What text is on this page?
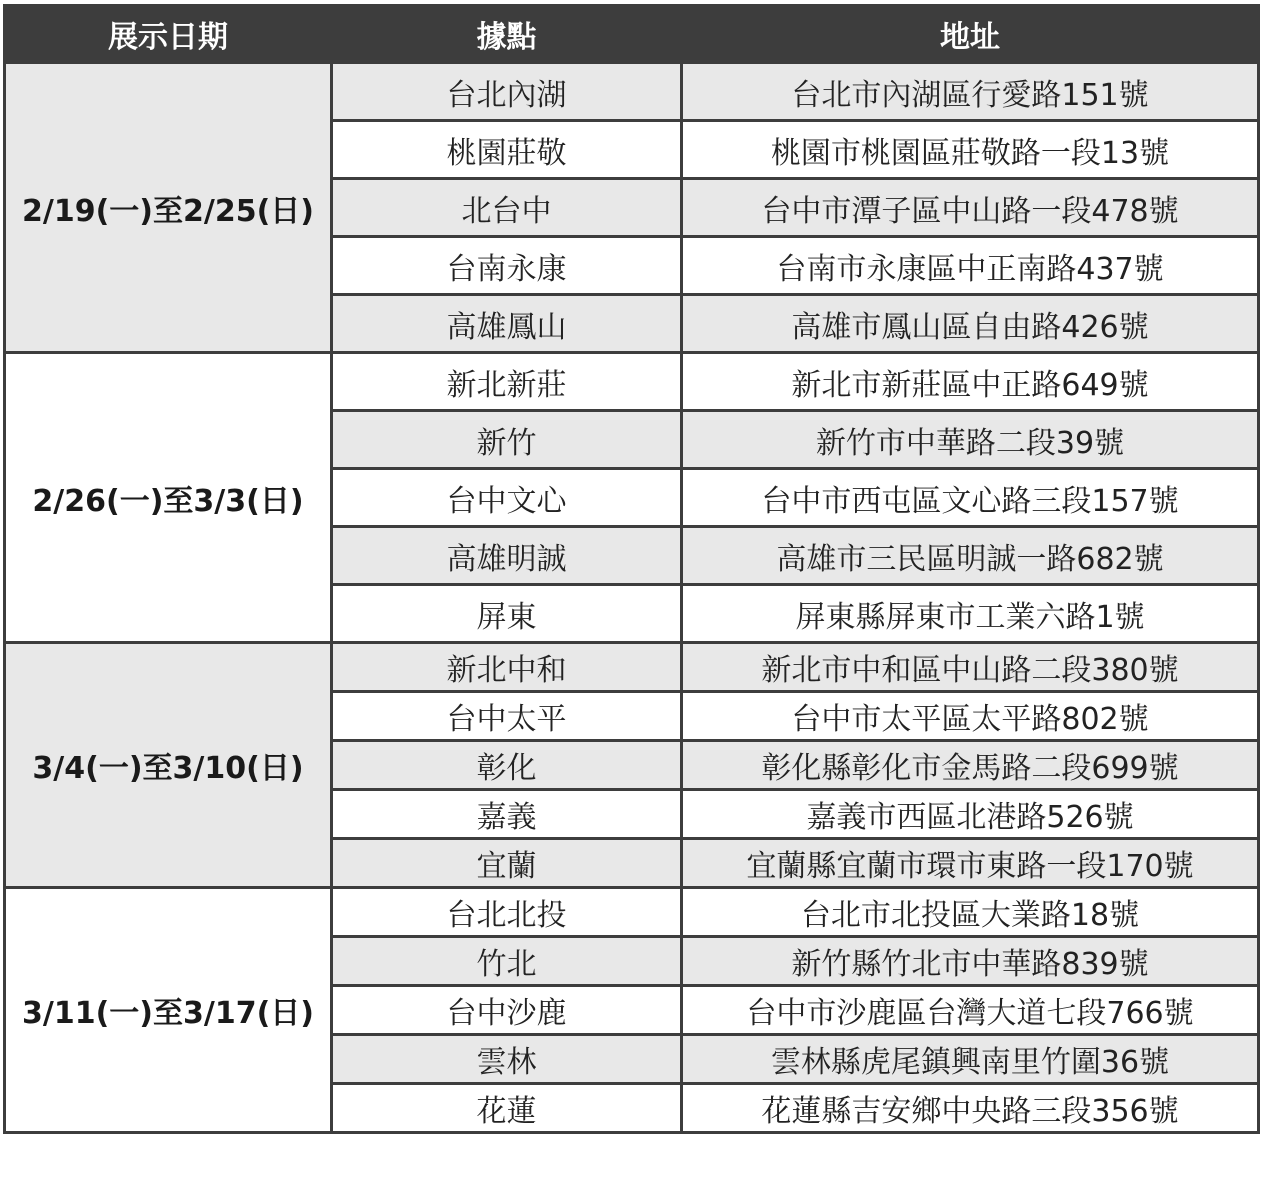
展示日期	據點	地址
2/19(一)至2/25(日)	台北內湖	台北市內湖區行愛路151號
	桃園莊敬	桃園市桃園區莊敬路一段13號
	北台中	台中市潭子區中山路一段478號
	台南永康	台南市永康區中正南路437號
	高雄鳳山	高雄市鳳山區自由路426號
2/26(一)至3/3(日)	新北新莊	新北市新莊區中正路649號
	新竹	新竹市中華路二段39號
	台中文心	台中市西屯區文心路三段157號
	高雄明誠	高雄市三民區明誠一路682號
	屏東	屏東縣屏東市工業六路1號
3/4(一)至3/10(日)	新北中和	新北市中和區中山路二段380號
	台中太平	台中市太平區太平路802號
	彰化	彰化縣彰化市金馬路二段699號
	嘉義	嘉義市西區北港路526號
	宜蘭	宜蘭縣宜蘭市環市東路一段170號
3/11(一)至3/17(日)	台北北投	台北市北投區大業路18號
	竹北	新竹縣竹北市中華路839號
	台中沙鹿	台中市沙鹿區台灣大道七段766號
	雲林	雲林縣虎尾鎮興南里竹圍36號
	花蓮	花蓮縣吉安鄉中央路三段356號
